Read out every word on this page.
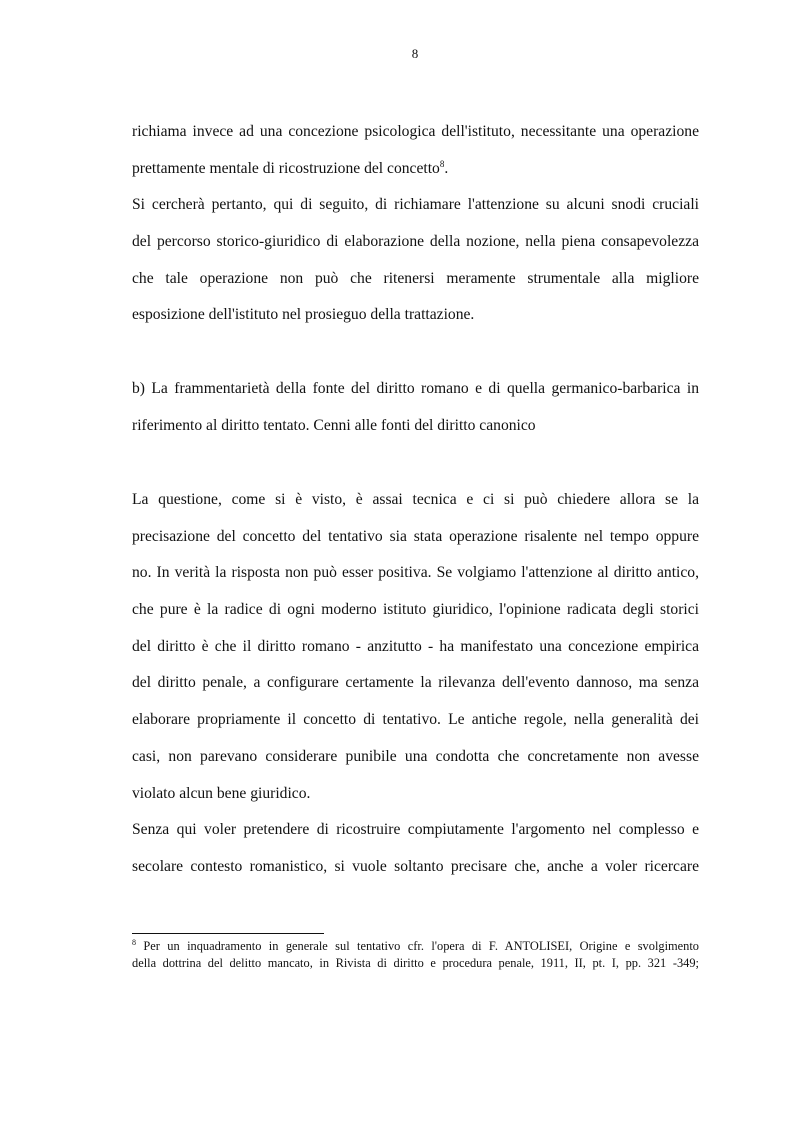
8
richiama invece ad una concezione psicologica dell'istituto, necessitante una operazione
prettamente mentale di ricostruzione del concetto$^8$.
Si cercherà pertanto, qui di seguito, di richiamare l'attenzione su alcuni snodi cruciali
del percorso storico-giuridico di elaborazione della nozione, nella piena consapevolezza
che tale operazione non può che ritenersi meramente strumentale alla migliore
esposizione dell'istituto nel prosieguo della trattazione.
b) La frammentarietà della fonte del diritto romano e di quella germanico-barbarica in
riferimento al diritto tentato. Cenni alle fonti del diritto canonico
La questione, come si è visto, è assai tecnica e ci si può chiedere allora se la
precisazione del concetto del tentativo sia stata operazione risalente nel tempo oppure
no. In verità la risposta non può esser positiva. Se volgiamo l'attenzione al diritto antico,
che pure è la radice di ogni moderno istituto giuridico, l'opinione radicata degli storici
del diritto è che il diritto romano - anzitutto - ha manifestato una concezione empirica
del diritto penale, a configurare certamente la rilevanza dell'evento dannoso, ma senza
elaborare propriamente il concetto di tentativo. Le antiche regole, nella generalità dei
casi, non parevano considerare punibile una condotta che concretamente non avesse
violato alcun bene giuridico.
Senza qui voler pretendere di ricostruire compiutamente l'argomento nel complesso e
secolare contesto romanistico, si vuole soltanto precisare che, anche a voler ricercare
$^8$ Per un inquadramento in generale sul tentativo cfr. l'opera di F. ANTOLISEI, Origine e svolgimento
della dottrina del delitto mancato, in Rivista di diritto e procedura penale, 1911, II, pt. I, pp. 321 -349;
